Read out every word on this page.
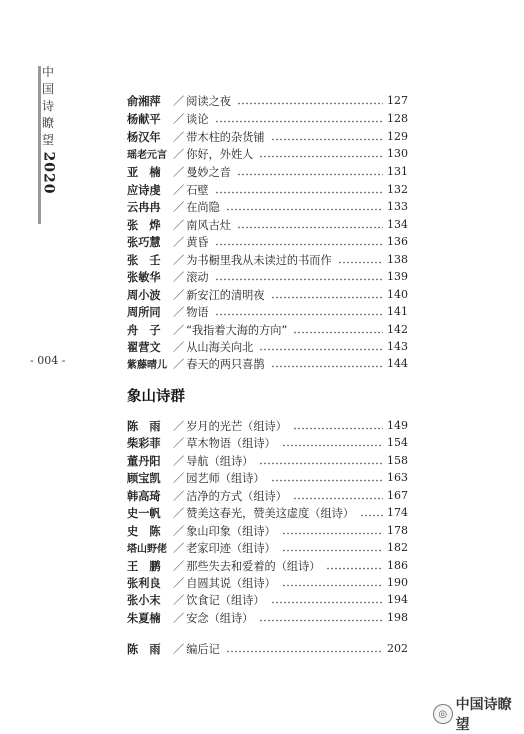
中
国
诗
瞭
望
2020
- 004 -
俞湘萍	／ 阅读之夜	127
杨献平	／ 谈论	128
杨汉年	／ 带木柱的杂货铺	129
瑶老元言 ／ 你好，外姓人	130
亚　楠	／ 曼妙之音	131
应诗虔	／ 石壁	132
云冉冉	／ 在尚隐	133
张　烨	／ 南风古灶	134
张巧慧	／ 黄昏	136
张　壬	／ 为书橱里我从未读过的书而作	138
张敏华	／ 滚动	139
周小波	／ 新安江的清明夜	140
周所同	／ 物语	141
舟　子	／ “我指着大海的方向”	142
翟营文	／ 从山海关向北	143
紫藤晴儿 ／ 春天的两只喜鹊	144
象山诗群
陈　雨	／ 岁月的光芒（组诗）	149
柴彩菲	／ 草木物语（组诗）	154
董丹阳	／ 导航（组诗）	158
顾宝凯	／ 园艺师（组诗）	163
韩高琦	／ 洁净的方式（组诗）	167
史一帆	／ 赞美这春光，赞美这虚度（组诗）	174
史　陈	／ 象山印象（组诗）	178
塔山野佬 ／ 老家印迹（组诗）	182
王　鹏	／ 那些失去和爱着的（组诗）	186
张利良	／ 自圆其说（组诗）	190
张小末	／ 饮食记（组诗）	194
朱夏楠	／ 安念（组诗）	198
陈　雨	／ 编后记	202
◎
中国诗瞭望
